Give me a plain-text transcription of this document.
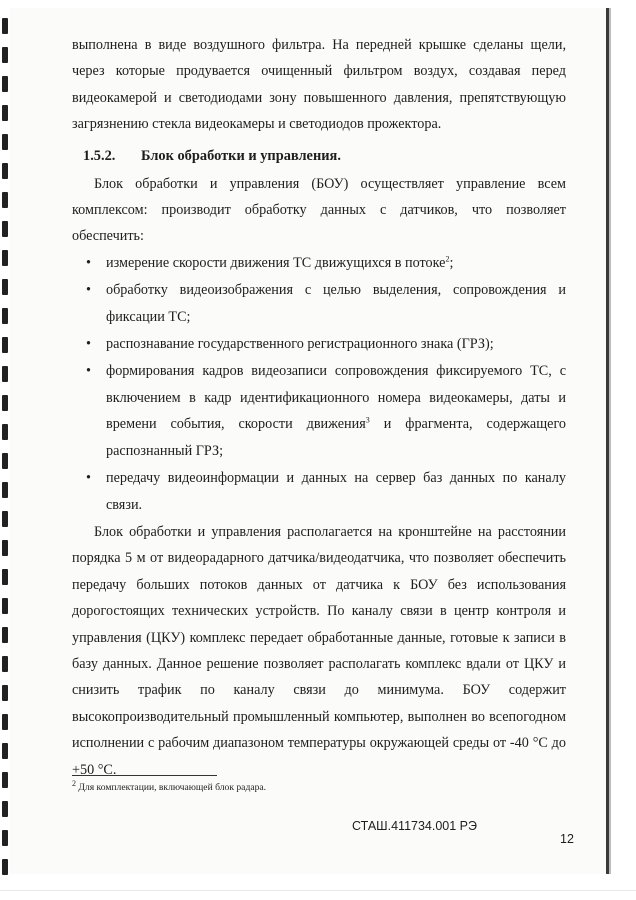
выполнена в виде воздушного фильтра. На передней крышке сделаны щели, через которые продувается очищенный фильтром воздух, создавая перед видеокамерой и светодиодами зону повышенного давления, препятствующую загрязнению стекла видеокамеры и светодиодов прожектора.

1.5.2. Блок обработки и управления.

Блок обработки и управления (БОУ) осуществляет управление всем комплексом: производит обработку данных с датчиков, что позволяет обеспечить:

• измерение скорости движения ТС движущихся в потоке$^2$;
• обработку видеоизображения с целью выделения, сопровождения и фиксации ТС;
• распознавание государственного регистрационного знака (ГРЗ);
• формирования кадров видеозаписи сопровождения фиксируемого ТС, с включением в кадр идентификационного номера видеокамеры, даты и времени события, скорости движения$^3$ и фрагмента, содержащего распознанный ГРЗ;
• передачу видеоинформации и данных на сервер баз данных по каналу связи.

Блок обработки и управления располагается на кронштейне на расстоянии порядка 5 м от видеорадарного датчика/видеодатчика, что позволяет обеспечить передачу больших потоков данных от датчика к БОУ без использования дорогостоящих технических устройств. По каналу связи в центр контроля и управления (ЦКУ) комплекс передает обработанные данные, готовые к записи в базу данных. Данное решение позволяет располагать комплекс вдали от ЦКУ и снизить трафик по каналу связи до минимума. БОУ содержит высокопроизводительный промышленный компьютер, выполнен во всепогодном исполнении с рабочим диапазоном температуры окружающей среды от -40 °С до +50 °С.

$^2$ Для комплектации, включающей блок радара.
СТАШ.411734.001 РЭ
12
